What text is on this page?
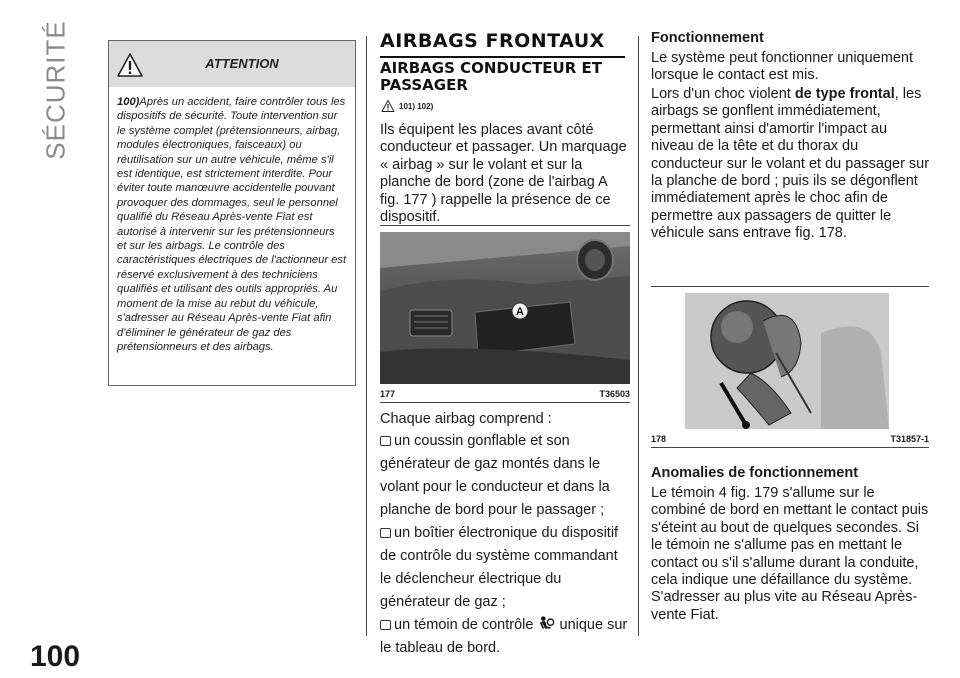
SÉCURITÉ
100
ATTENTION
100)Après un accident, faire contrôler tous les dispositifs de sécurité. Toute intervention sur le système complet (prétensionneurs, airbag, modules électroniques, faisceaux) ou réutilisation sur un autre véhicule, même s'il est identique, est strictement interdite. Pour éviter toute manœuvre accidentelle pouvant provoquer des dommages, seul le personnel qualifié du Réseau Après-vente Fiat est autorisé à intervenir sur les prétensionneurs et sur les airbags. Le contrôle des caractéristiques électriques de l'actionneur est réservé exclusivement à des techniciens qualifiés et utilisant des outils appropriés. Au moment de la mise au rebut du véhicule, s'adresser au Réseau Après-vente Fiat afin d'éliminer le générateur de gaz des prétensionneurs et des airbags.
AIRBAGS FRONTAUX
AIRBAGS CONDUCTEUR ET PASSAGER
101) 102)
Ils équipent les places avant côté conducteur et passager. Un marquage « airbag » sur le volant et sur la planche de bord (zone de l'airbag A fig. 177 ) rappelle la présence de ce dispositif.
A
177	T36503
Chaque airbag comprend :
un coussin gonflable et son générateur de gaz montés dans le volant pour le conducteur et dans la planche de bord pour le passager ;
un boîtier électronique du dispositif de contrôle du système commandant le déclencheur électrique du générateur de gaz ;
un témoin de contrôle unique sur le tableau de bord.
Fonctionnement
Le système peut fonctionner uniquement lorsque le contact est mis.
Lors d'un choc violent de type frontal, les airbags se gonflent immédiatement, permettant ainsi d'amortir l'impact au niveau de la tête et du thorax du conducteur sur le volant et du passager sur la planche de bord ; puis ils se dégonflent immédiatement après le choc afin de permettre aux passagers de quitter le véhicule sans entrave fig. 178.
178	T31857-1
Anomalies de fonctionnement
Le témoin 4 fig. 179 s'allume sur le combiné de bord en mettant le contact puis s'éteint au bout de quelques secondes. Si le témoin ne s'allume pas en mettant le contact ou s'il s'allume durant la conduite, cela indique une défaillance du système. S'adresser au plus vite au Réseau Après-vente Fiat.
